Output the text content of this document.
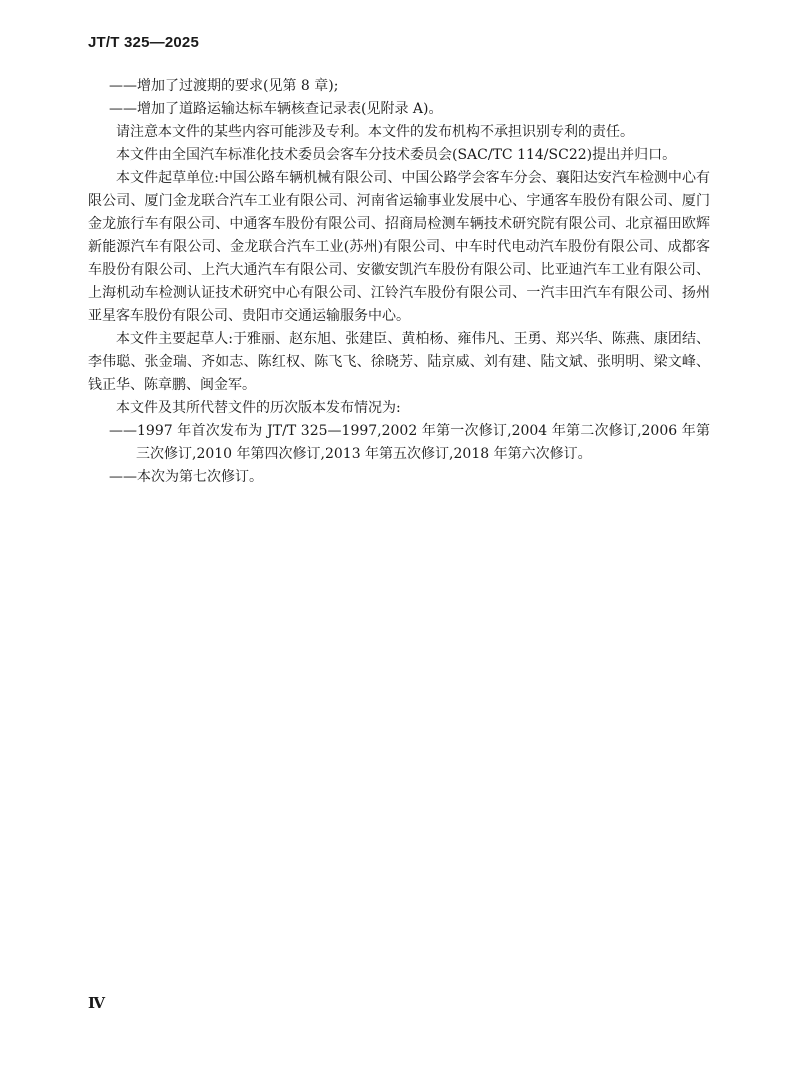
JT/T 325—2025

——增加了过渡期的要求(见第 8 章);

——增加了道路运输达标车辆核查记录表(见附录 A)。

请注意本文件的某些内容可能涉及专利。本文件的发布机构不承担识别专利的责任。

本文件由全国汽车标准化技术委员会客车分技术委员会(SAC/TC 114/SC22)提出并归口。

本文件起草单位:中国公路车辆机械有限公司、中国公路学会客车分会、襄阳达安汽车检测中心有限公司、厦门金龙联合汽车工业有限公司、河南省运输事业发展中心、宇通客车股份有限公司、厦门金龙旅行车有限公司、中通客车股份有限公司、招商局检测车辆技术研究院有限公司、北京福田欧辉新能源汽车有限公司、金龙联合汽车工业(苏州)有限公司、中车时代电动汽车股份有限公司、成都客车股份有限公司、上汽大通汽车有限公司、安徽安凯汽车股份有限公司、比亚迪汽车工业有限公司、上海机动车检测认证技术研究中心有限公司、江铃汽车股份有限公司、一汽丰田汽车有限公司、扬州亚星客车股份有限公司、贵阳市交通运输服务中心。

本文件主要起草人:于雅丽、赵东旭、张建臣、黄柏杨、雍伟凡、王勇、郑兴华、陈燕、康团结、李伟聪、张金瑞、齐如志、陈红权、陈飞飞、徐晓芳、陆京威、刘有建、陆文斌、张明明、梁文峰、钱正华、陈章鹏、闽金军。

本文件及其所代替文件的历次版本发布情况为:

——1997 年首次发布为 JT/T 325—1997,2002 年第一次修订,2004 年第二次修订,2006 年第三次修订,2010 年第四次修订,2013 年第五次修订,2018 年第六次修订。

——本次为第七次修订。

Ⅳ
